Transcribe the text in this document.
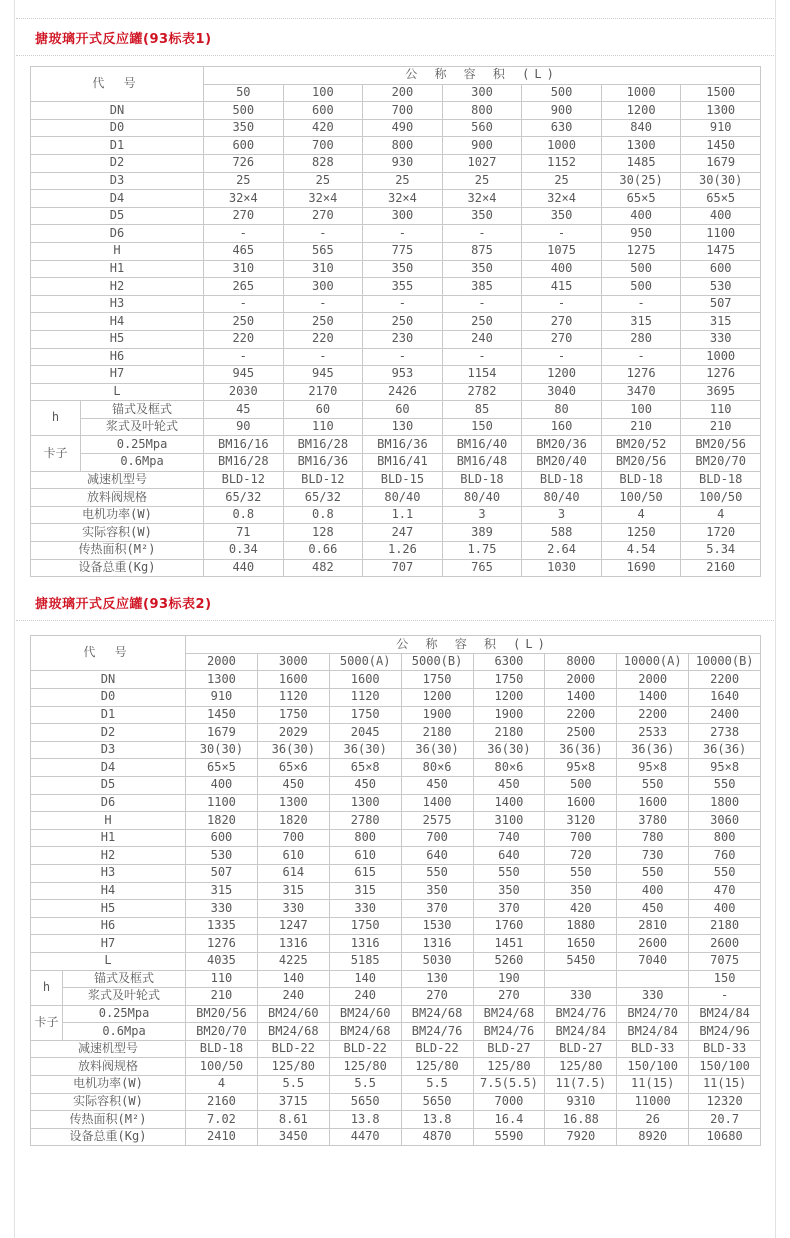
搪玻璃开式反应罐(93标表1)
代 号		公 称 容 积 (L)						
		50	100	200	300	500	1000	1500
DN		500	600	700	800	900	1200	1300
D0		350	420	490	560	630	840	910
D1		600	700	800	900	1000	1300	1450
D2		726	828	930	1027	1152	1485	1679
D3		25	25	25	25	25	30(25)	30(30)
D4		32×4	32×4	32×4	32×4	32×4	65×5	65×5
D5		270	270	300	350	350	400	400
D6		-	-	-	-	-	950	1100
H		465	565	775	875	1075	1275	1475
H1		310	310	350	350	400	500	600
H2		265	300	355	385	415	500	530
H3		-	-	-	-	-	-	507
H4		250	250	250	250	270	315	315
H5		220	220	230	240	270	280	330
H6		-	-	-	-	-	-	1000
H7		945	945	953	1154	1200	1276	1276
L		2030	2170	2426	2782	3040	3470	3695
h	锚式及框式	45	60	60	85	80	100	110
	浆式及叶轮式	90	110	130	150	160	210	210
卡子	0.25Mpa	BM16/16	BM16/28	BM16/36	BM16/40	BM20/36	BM20/52	BM20/56
	0.6Mpa	BM16/28	BM16/36	BM16/41	BM16/48	BM20/40	BM20/56	BM20/70
减速机型号		BLD-12	BLD-12	BLD-15	BLD-18	BLD-18	BLD-18	BLD-18
放料阀规格		65/32	65/32	80/40	80/40	80/40	100/50	100/50
电机功率(W)		0.8	0.8	1.1	3	3	4	4
实际容积(W)		71	128	247	389	588	1250	1720
传热面积(M²)		0.34	0.66	1.26	1.75	2.64	4.54	5.34
设备总重(Kg)		440	482	707	765	1030	1690	2160
搪玻璃开式反应罐(93标表2)
代 号		公 称 容 积 (L)							
		2000	3000	5000(A)	5000(B)	6300	8000	10000(A)	10000(B)
DN		1300	1600	1600	1750	1750	2000	2000	2200
D0		910	1120	1120	1200	1200	1400	1400	1640
D1		1450	1750	1750	1900	1900	2200	2200	2400
D2		1679	2029	2045	2180	2180	2500	2533	2738
D3		30(30)	36(30)	36(30)	36(30)	36(30)	36(36)	36(36)	36(36)
D4		65×5	65×6	65×8	80×6	80×6	95×8	95×8	95×8
D5		400	450	450	450	450	500	550	550
D6		1100	1300	1300	1400	1400	1600	1600	1800
H		1820	1820	2780	2575	3100	3120	3780	3060
H1		600	700	800	700	740	700	780	800
H2		530	610	610	640	640	720	730	760
H3		507	614	615	550	550	550	550	550
H4		315	315	315	350	350	350	400	470
H5		330	330	330	370	370	420	450	400
H6		1335	1247	1750	1530	1760	1880	2810	2180
H7		1276	1316	1316	1316	1451	1650	2600	2600
L		4035	4225	5185	5030	5260	5450	7040	7075
h	锚式及框式	110	140	140	130	190			150
	浆式及叶轮式	210	240	240	270	270	330	330	-
卡子	0.25Mpa	BM20/56	BM24/60	BM24/60	BM24/68	BM24/68	BM24/76	BM24/70	BM24/84
	0.6Mpa	BM20/70	BM24/68	BM24/68	BM24/76	BM24/76	BM24/84	BM24/84	BM24/96
减速机型号		BLD-18	BLD-22	BLD-22	BLD-22	BLD-27	BLD-27	BLD-33	BLD-33
放料阀规格		100/50	125/80	125/80	125/80	125/80	125/80	150/100	150/100
电机功率(W)		4	5.5	5.5	5.5	7.5(5.5)	11(7.5)	11(15)	11(15)
实际容积(W)		2160	3715	5650	5650	7000	9310	11000	12320
传热面积(M²)		7.02	8.61	13.8	13.8	16.4	16.88	26	20.7
设备总重(Kg)		2410	3450	4470	4870	5590	7920	8920	10680
